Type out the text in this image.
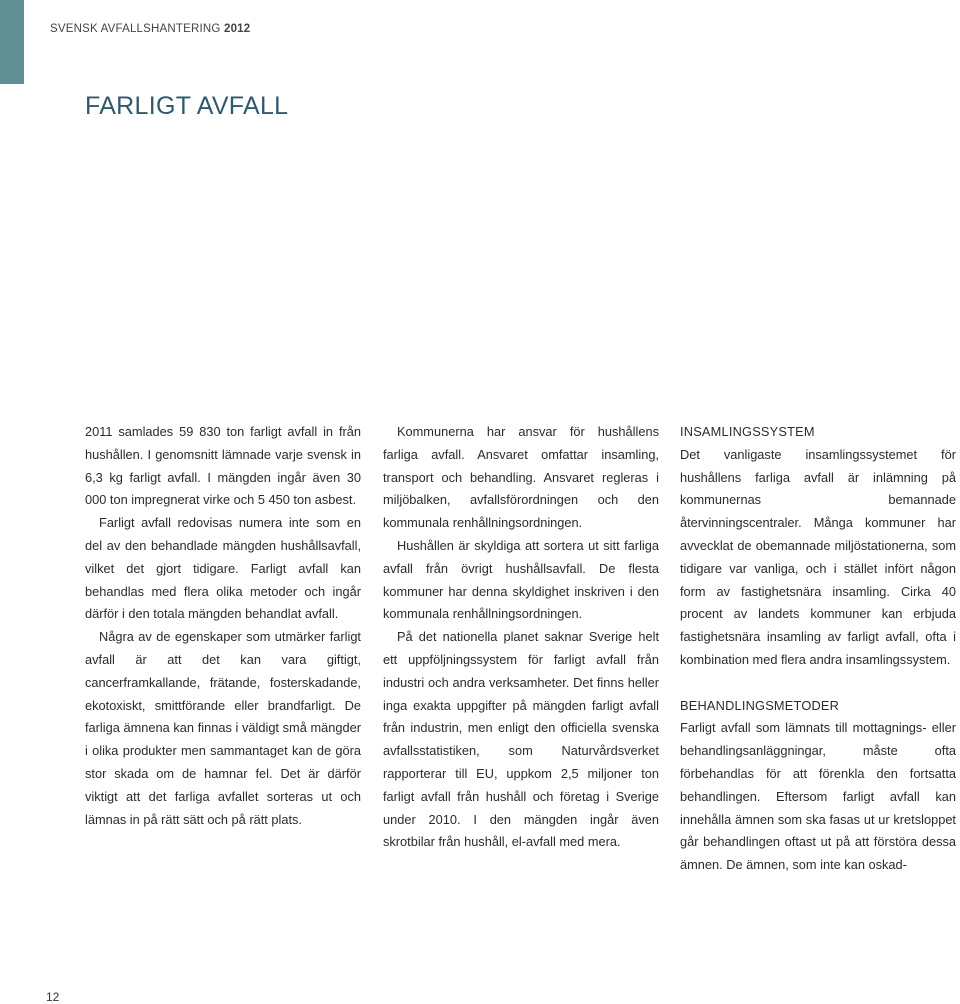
SVENSK AVFALLSHANTERING 2012
FARLIGT AVFALL

2011 samlades 59 830 ton farligt avfall in från hushållen. I genomsnitt lämnade varje svensk in 6,3 kg farligt avfall. I mängden ingår även 30 000 ton impregnerat virke och 5 450 ton asbest.

Farligt avfall redovisas numera inte som en del av den behandlade mängden hushållsavfall, vilket det gjort tidigare. Farligt avfall kan behandlas med flera olika metoder och ingår därför i den totala mängden behandlat avfall.

Några av de egenskaper som utmärker farligt avfall är att det kan vara giftigt, cancerframkallande, frätande, fosterskadande, ekotoxiskt, smittförande eller brandfarligt. De farliga ämnena kan finnas i väldigt små mängder i olika produkter men sammantaget kan de göra stor skada om de hamnar fel. Det är därför viktigt att det farliga avfallet sorteras ut och lämnas in på rätt sätt och på rätt plats.

Kommunerna har ansvar för hushållens farliga avfall. Ansvaret omfattar insamling, transport och behandling. Ansvaret regleras i miljöbalken, avfallsförordningen och den kommunala renhållningsordningen.

Hushållen är skyldiga att sortera ut sitt farliga avfall från övrigt hushållsavfall. De flesta kommuner har denna skyldighet inskriven i den kommunala renhållningsordningen.

På det nationella planet saknar Sverige helt ett uppföljningssystem för farligt avfall från industri och andra verksamheter. Det finns heller inga exakta uppgifter på mängden farligt avfall från industrin, men enligt den officiella svenska avfallsstatistiken, som Naturvårdsverket rapporterar till EU, uppkom 2,5 miljoner ton farligt avfall från hushåll och företag i Sverige under 2010. I den mängden ingår även skrotbilar från hushåll, el-avfall med mera.

INSAMLINGSSYSTEM

Det vanligaste insamlingssystemet för hushållens farliga avfall är inlämning på kommunernas bemannade återvinningscentraler. Många kommuner har avvecklat de obemannade miljöstationerna, som tidigare var vanliga, och i stället infört någon form av fastighetsnära insamling. Cirka 40 procent av landets kommuner kan erbjuda fastighetsnära insamling av farligt avfall, ofta i kombination med flera andra insamlingssystem.

BEHANDLINGSMETODER

Farligt avfall som lämnats till mottagnings- eller behandlingsanläggningar, måste ofta förbehandlas för att förenkla den fortsatta behandlingen. Eftersom farligt avfall kan innehålla ämnen som ska fasas ut ur kretsloppet går behandlingen oftast ut på att förstöra dessa ämnen. De ämnen, som inte kan oskad-

12
